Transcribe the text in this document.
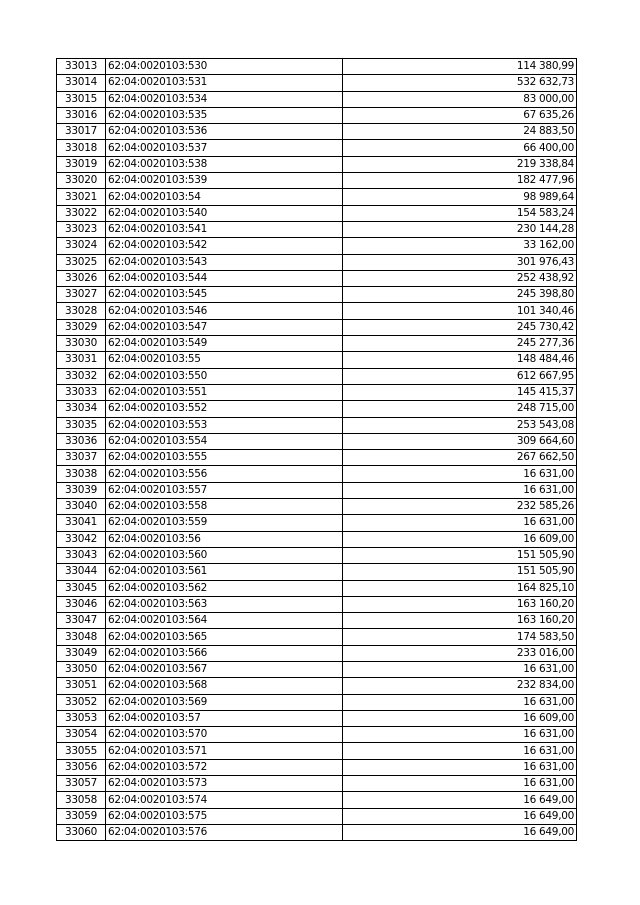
33013	62:04:0020103:530	114 380,99
33014	62:04:0020103:531	532 632,73
33015	62:04:0020103:534	83 000,00
33016	62:04:0020103:535	67 635,26
33017	62:04:0020103:536	24 883,50
33018	62:04:0020103:537	66 400,00
33019	62:04:0020103:538	219 338,84
33020	62:04:0020103:539	182 477,96
33021	62:04:0020103:54	98 989,64
33022	62:04:0020103:540	154 583,24
33023	62:04:0020103:541	230 144,28
33024	62:04:0020103:542	33 162,00
33025	62:04:0020103:543	301 976,43
33026	62:04:0020103:544	252 438,92
33027	62:04:0020103:545	245 398,80
33028	62:04:0020103:546	101 340,46
33029	62:04:0020103:547	245 730,42
33030	62:04:0020103:549	245 277,36
33031	62:04:0020103:55	148 484,46
33032	62:04:0020103:550	612 667,95
33033	62:04:0020103:551	145 415,37
33034	62:04:0020103:552	248 715,00
33035	62:04:0020103:553	253 543,08
33036	62:04:0020103:554	309 664,60
33037	62:04:0020103:555	267 662,50
33038	62:04:0020103:556	16 631,00
33039	62:04:0020103:557	16 631,00
33040	62:04:0020103:558	232 585,26
33041	62:04:0020103:559	16 631,00
33042	62:04:0020103:56	16 609,00
33043	62:04:0020103:560	151 505,90
33044	62:04:0020103:561	151 505,90
33045	62:04:0020103:562	164 825,10
33046	62:04:0020103:563	163 160,20
33047	62:04:0020103:564	163 160,20
33048	62:04:0020103:565	174 583,50
33049	62:04:0020103:566	233 016,00
33050	62:04:0020103:567	16 631,00
33051	62:04:0020103:568	232 834,00
33052	62:04:0020103:569	16 631,00
33053	62:04:0020103:57	16 609,00
33054	62:04:0020103:570	16 631,00
33055	62:04:0020103:571	16 631,00
33056	62:04:0020103:572	16 631,00
33057	62:04:0020103:573	16 631,00
33058	62:04:0020103:574	16 649,00
33059	62:04:0020103:575	16 649,00
33060	62:04:0020103:576	16 649,00
